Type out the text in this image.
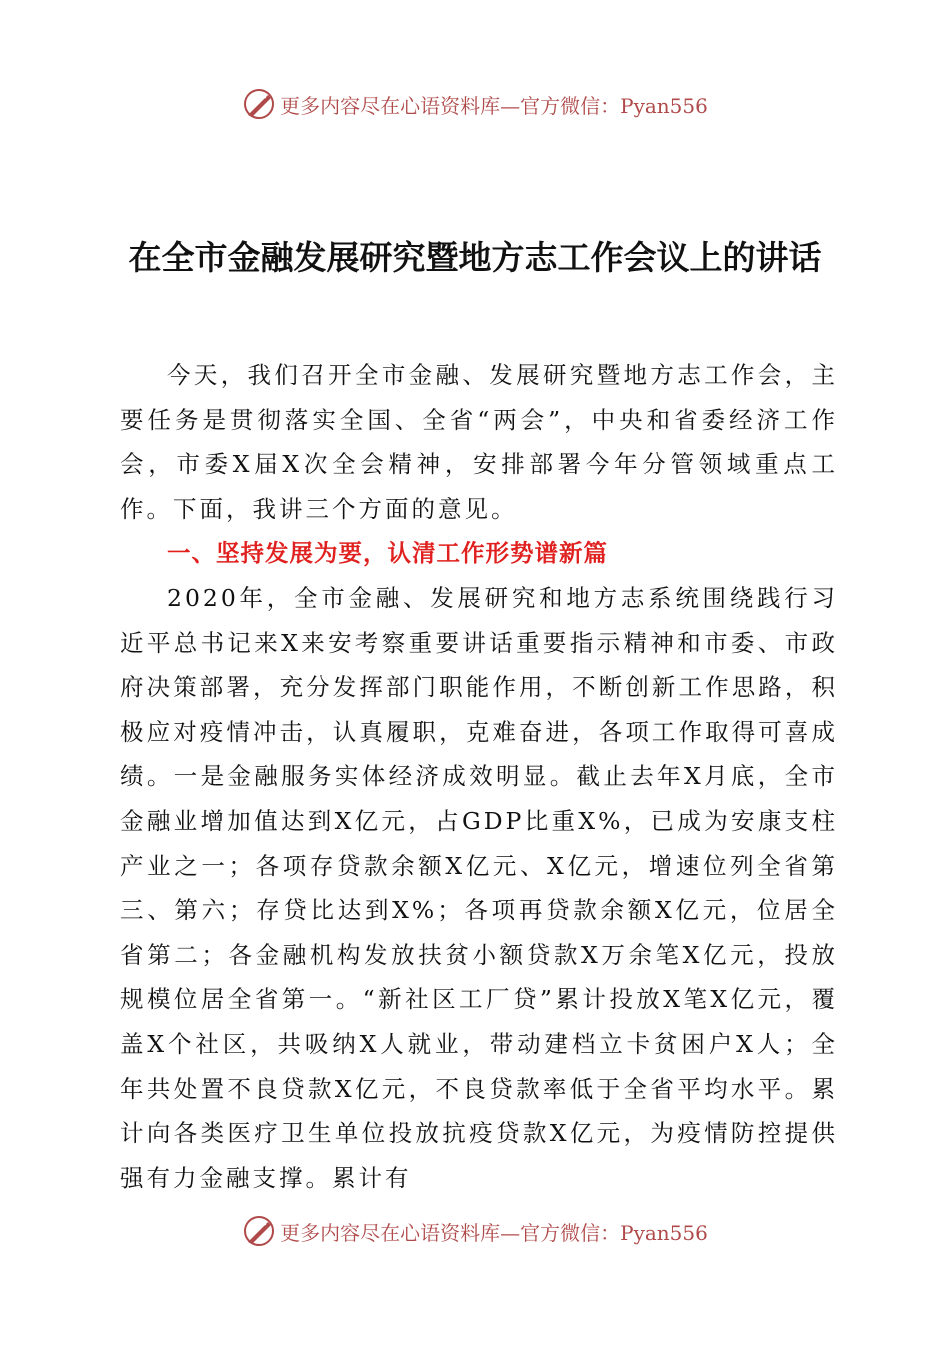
更多内容尽在心语资料库—官方微信：Pyan556
在全市金融发展研究暨地方志工作会议上的讲话

今天，我们召开全市金融、发展研究暨地方志工作会，主要任务是贯彻落实全国、全省“两会”，中央和省委经济工作会，市委X届X次全会精神，安排部署今年分管领域重点工作。下面，我讲三个方面的意见。

一、坚持发展为要，认清工作形势谱新篇

2020年，全市金融、发展研究和地方志系统围绕践行习近平总书记来X来安考察重要讲话重要指示精神和市委、市政府决策部署，充分发挥部门职能作用，不断创新工作思路，积极应对疫情冲击，认真履职，克难奋进，各项工作取得可喜成绩。一是金融服务实体经济成效明显。截止去年X月底，全市金融业增加值达到X亿元，占GDP比重X%，已成为安康支柱产业之一；各项存贷款余额X亿元、X亿元，增速位列全省第三、第六；存贷比达到X%；各项再贷款余额X亿元，位居全省第二；各金融机构发放扶贫小额贷款X万余笔X亿元，投放规模位居全省第一。“新社区工厂贷”累计投放X笔X亿元，覆盖X个社区，共吸纳X人就业，带动建档立卡贫困户X人；全年共处置不良贷款X亿元，不良贷款率低于全省平均水平。累计向各类医疗卫生单位投放抗疫贷款X亿元，为疫情防控提供强有力金融支撑。累计有

更多内容尽在心语资料库—官方微信：Pyan556
